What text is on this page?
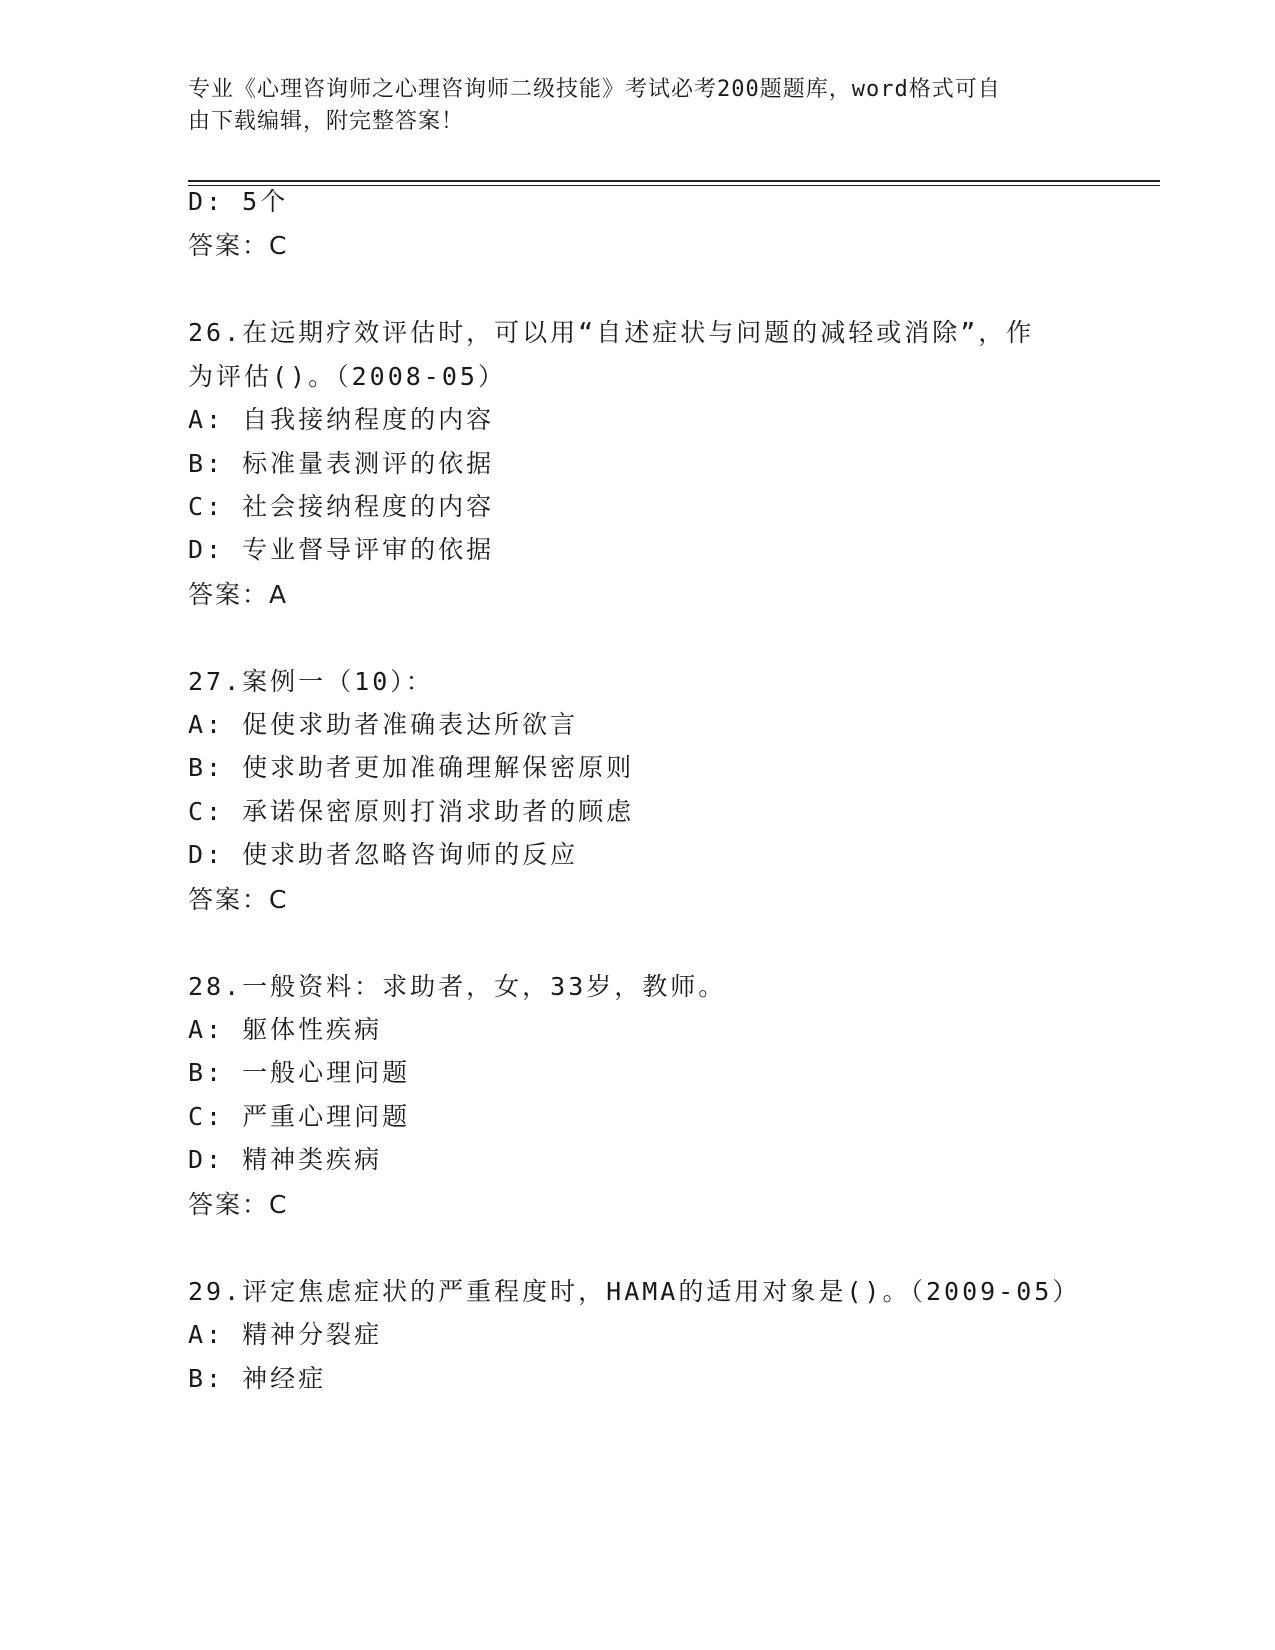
专业《心理咨询师之心理咨询师二级技能》考试必考200题题库，word格式可自
由下载编辑，附完整答案！
D: 5个
答案：C
26.在远期疗效评估时，可以用“自述症状与问题的减轻或消除”，作
为评估()。（2008-05）
A: 自我接纳程度的内容
B: 标准量表测评的依据
C: 社会接纳程度的内容
D: 专业督导评审的依据
答案：A
27.案例一（10）：
A: 促使求助者准确表达所欲言
B: 使求助者更加准确理解保密原则
C: 承诺保密原则打消求助者的顾虑
D: 使求助者忽略咨询师的反应
答案：C
28.一般资料：求助者，女，33岁，教师。
A: 躯体性疾病
B: 一般心理问题
C: 严重心理问题
D: 精神类疾病
答案：C
29.评定焦虑症状的严重程度时，HAMA的适用对象是()。（2009-05）
A: 精神分裂症
B: 神经症
